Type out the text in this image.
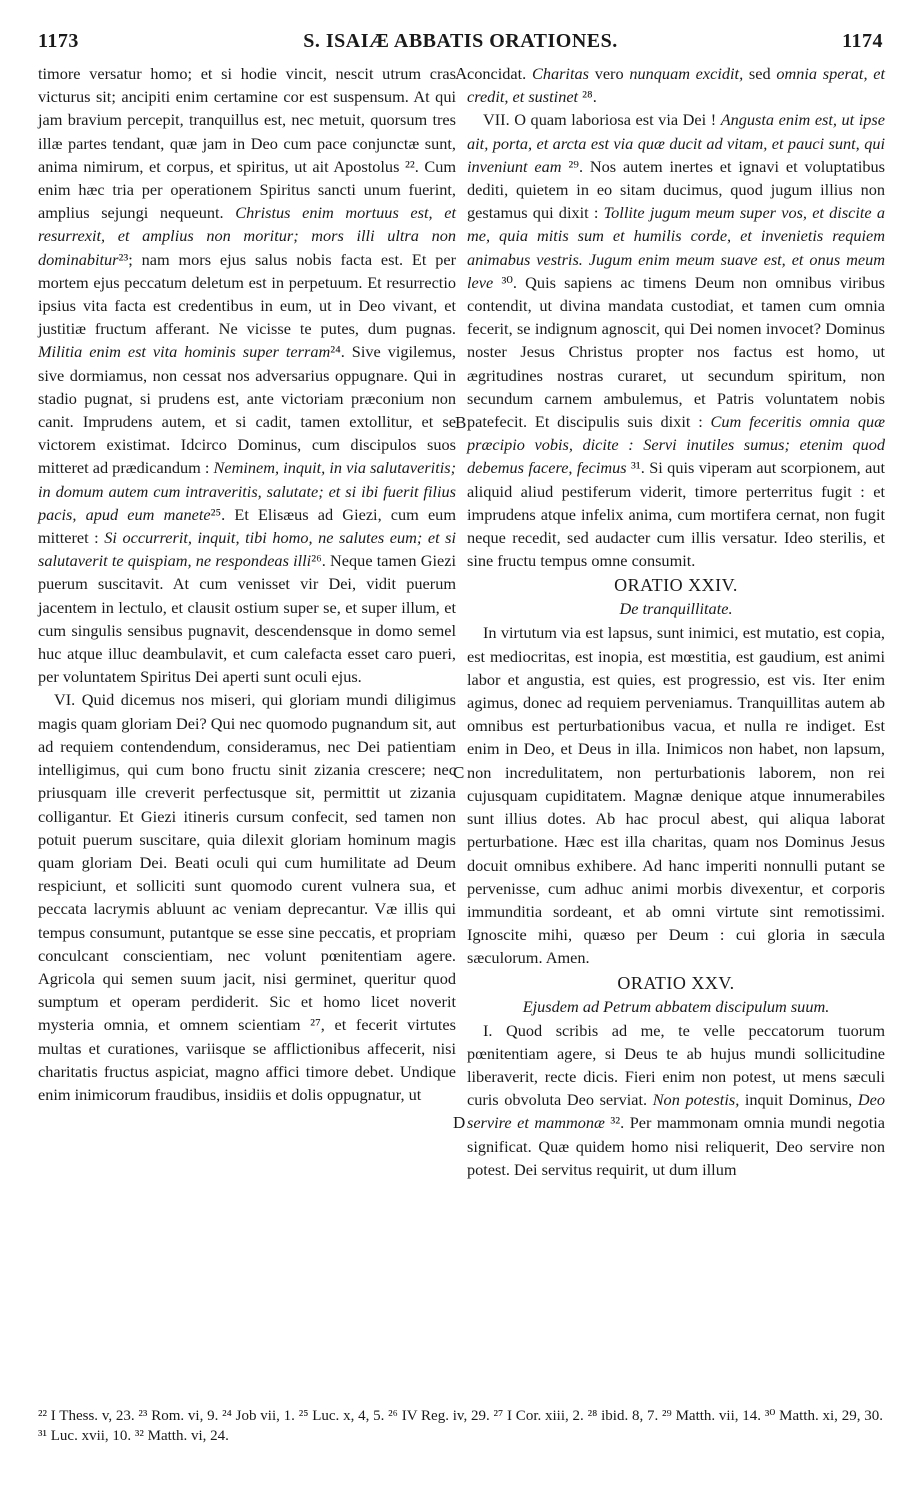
1173	S. ISAIÆ ABBATIS ORATIONES.	1174
A
B
C
D

timore versatur homo; et si hodie vincit, nescit utrum cras victurus sit; ancipiti enim certamine cor est suspensum. At qui jam bravium percepit, tranquillus est, nec metuit, quorsum tres illæ partes tendant, quæ jam in Deo cum pace conjunctæ sunt, anima nimirum, et corpus, et spiritus, ut ait Apostolus ²². Cum enim hæc tria per operationem Spiritus sancti unum fuerint, amplius sejungi nequeunt. Christus enim mortuus est, et resurrexit, et amplius non moritur; mors illi ultra non dominabitur²³; nam mors ejus salus nobis facta est. Et per mortem ejus peccatum deletum est in perpetuum. Et resurrectio ipsius vita facta est credentibus in eum, ut in Deo vivant, et justitiæ fructum afferant. Ne vicisse te putes, dum pugnas. Militia enim est vita hominis super terram²⁴. Sive vigilemus, sive dormiamus, non cessat nos adversarius oppugnare. Qui in stadio pugnat, si prudens est, ante victoriam præconium non canit. Imprudens autem, et si cadit, tamen extollitur, et se victorem existimat. Idcirco Dominus, cum discipulos suos mitteret ad prædicandum : Neminem, inquit, in via salutaveritis; in domum autem cum intraveritis, salutate; et si ibi fuerit filius pacis, apud eum manete²⁵. Et Elisæus ad Giezi, cum eum mitteret : Si occurrerit, inquit, tibi homo, ne salutes eum; et si salutaverit te quispiam, ne respondeas illi²⁶. Neque tamen Giezi puerum suscitavit. At cum venisset vir Dei, vidit puerum jacentem in lectulo, et clausit ostium super se, et super illum, et cum singulis sensibus pugnavit, descendensque in domo semel huc atque illuc deambulavit, et cum calefacta esset caro pueri, per voluntatem Spiritus Dei aperti sunt oculi ejus.

VI. Quid dicemus nos miseri, qui gloriam mundi diligimus magis quam gloriam Dei? Qui nec quomodo pugnandum sit, aut ad requiem contendendum, consideramus, nec Dei patientiam intelligimus, qui cum bono fructu sinit zizania crescere; nec priusquam ille creverit perfectusque sit, permittit ut zizania colligantur. Et Giezi itineris cursum confecit, sed tamen non potuit puerum suscitare, quia dilexit gloriam hominum magis quam gloriam Dei. Beati oculi qui cum humilitate ad Deum respiciunt, et solliciti sunt quomodo curent vulnera sua, et peccata lacrymis abluunt ac veniam deprecantur. Væ illis qui tempus consumunt, putantque se esse sine peccatis, et propriam conculcant conscientiam, nec volunt pœnitentiam agere. Agricola qui semen suum jacit, nisi germinet, queritur quod sumptum et operam perdiderit. Sic et homo licet noverit mysteria omnia, et omnem scientiam ²⁷, et fecerit virtutes multas et curationes, variisque se afflictionibus affecerit, nisi charitatis fructus aspiciat, magno affici timore debet. Undique enim inimicorum fraudibus, insidiis et dolis oppugnatur, ut

concidat. Charitas vero nunquam excidit, sed omnia sperat, et credit, et sustinet ²⁸.

VII. O quam laboriosa est via Dei ! Angusta enim est, ut ipse ait, porta, et arcta est via quæ ducit ad vitam, et pauci sunt, qui inveniunt eam ²⁹. Nos autem inertes et ignavi et voluptatibus dediti, quietem in eo sitam ducimus, quod jugum illius non gestamus qui dixit : Tollite jugum meum super vos, et discite a me, quia mitis sum et humilis corde, et invenietis requiem animabus vestris. Jugum enim meum suave est, et onus meum leve ³⁰. Quis sapiens ac timens Deum non omnibus viribus contendit, ut divina mandata custodiat, et tamen cum omnia fecerit, se indignum agnoscit, qui Dei nomen invocet? Dominus noster Jesus Christus propter nos factus est homo, ut ægritudines nostras curaret, ut secundum spiritum, non secundum carnem ambulemus, et Patris voluntatem nobis patefecit. Et discipulis suis dixit : Cum feceritis omnia quæ præcipio vobis, dicite : Servi inutiles sumus; etenim quod debemus facere, fecimus ³¹. Si quis viperam aut scorpionem, aut aliquid aliud pestiferum viderit, timore perterritus fugit : et imprudens atque infelix anima, cum mortifera cernat, non fugit neque recedit, sed audacter cum illis versatur. Ideo sterilis, et sine fructu tempus omne consumit.

ORATIO XXIV.
De tranquillitate.

In virtutum via est lapsus, sunt inimici, est mutatio, est copia, est mediocritas, est inopia, est mœstitia, est gaudium, est animi labor et angustia, est quies, est progressio, est vis. Iter enim agimus, donec ad requiem perveniamus. Tranquillitas autem ab omnibus est perturbationibus vacua, et nulla re indiget. Est enim in Deo, et Deus in illa. Inimicos non habet, non lapsum, non incredulitatem, non perturbationis laborem, non rei cujusquam cupiditatem. Magnæ denique atque innumerabiles sunt illius dotes. Ab hac procul abest, qui aliqua laborat perturbatione. Hæc est illa charitas, quam nos Dominus Jesus docuit omnibus exhibere. Ad hanc imperiti nonnulli putant se pervenisse, cum adhuc animi morbis divexentur, et corporis immunditia sordeant, et ab omni virtute sint remotissimi. Ignoscite mihi, quæso per Deum : cui gloria in sæcula sæculorum. Amen.

ORATIO XXV.
Ejusdem ad Petrum abbatem discipulum suum.

I. Quod scribis ad me, te velle peccatorum tuorum pœnitentiam agere, si Deus te ab hujus mundi sollicitudine liberaverit, recte dicis. Fieri enim non potest, ut mens sæculi curis obvoluta Deo serviat. Non potestis, inquit Dominus, Deo servire et mammonæ ³². Per mammonam omnia mundi negotia significat. Quæ quidem homo nisi reliquerit, Deo servire non potest. Dei servitus requirit, ut dum illum

²² I Thess. v, 23. ²³ Rom. vi, 9. ²⁴ Job vii, 1. ²⁵ Luc. x, 4, 5. ²⁶ IV Reg. iv, 29. ²⁷ I Cor. xiii, 2. ²⁸ ibid. 8, 7. ²⁹ Matth. vii, 14. ³⁰ Matth. xi, 29, 30. ³¹ Luc. xvii, 10. ³² Matth. vi, 24.
